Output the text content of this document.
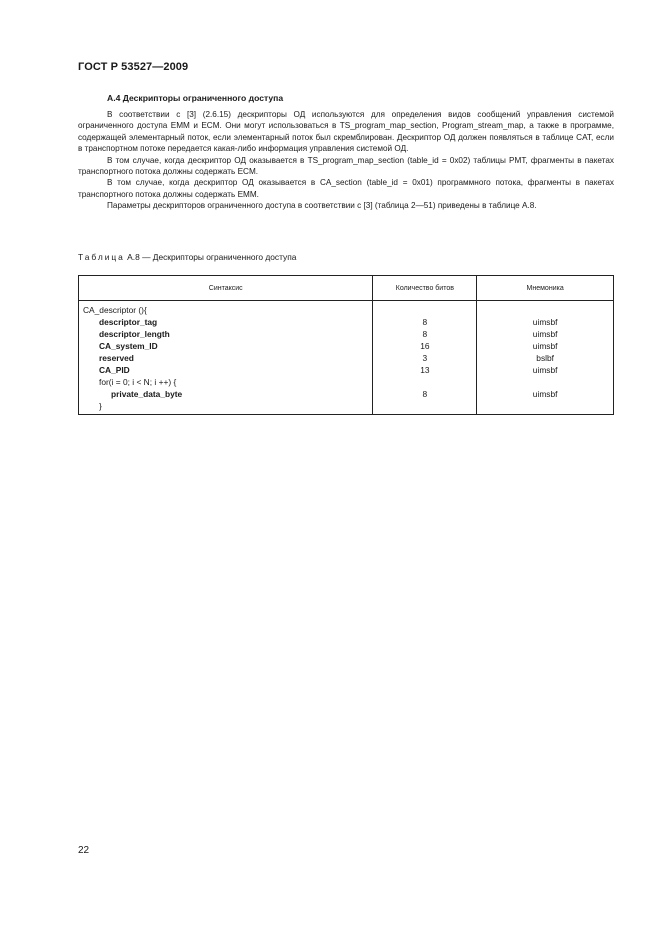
ГОСТ Р 53527—2009
А.4 Дескрипторы ограниченного доступа

В соответствии с [3] (2.6.15) дескрипторы ОД используются для определения видов сообщений управления системой ограниченного доступа EMM и ECM. Они могут использоваться в TS_program_map_section, Program_stream_map, а также в программе, содержащей элементарный поток, если элементарный поток был скремблирован. Дескриптор ОД должен появляться в таблице CAT, если в транспортном потоке передается какая-либо информация управления системой ОД.

В том случае, когда дескриптор ОД оказывается в TS_program_map_section (table_id = 0x02) таблицы PMT, фрагменты в пакетах транспортного потока должны содержать ECM.

В том случае, когда дескриптор ОД оказывается в CA_section (table_id = 0x01) программного потока, фрагменты в пакетах транспортного потока должны содержать EMM.

Параметры дескрипторов ограниченного доступа в соответствии с [3] (таблица 2—51) приведены в таблице А.8.

Таблица А.8 — Дескрипторы ограниченного доступа
Синтаксис	Количество битов	Мнемоника
CA_descriptor (){		
descriptor_tag	8	uimsbf
descriptor_length	8	uimsbf
CA_system_ID	16	uimsbf
reserved	3	bslbf
CA_PID	13	uimsbf
for(i = 0; i < N; i ++) {		
private_data_byte	8	uimsbf
}		
22
